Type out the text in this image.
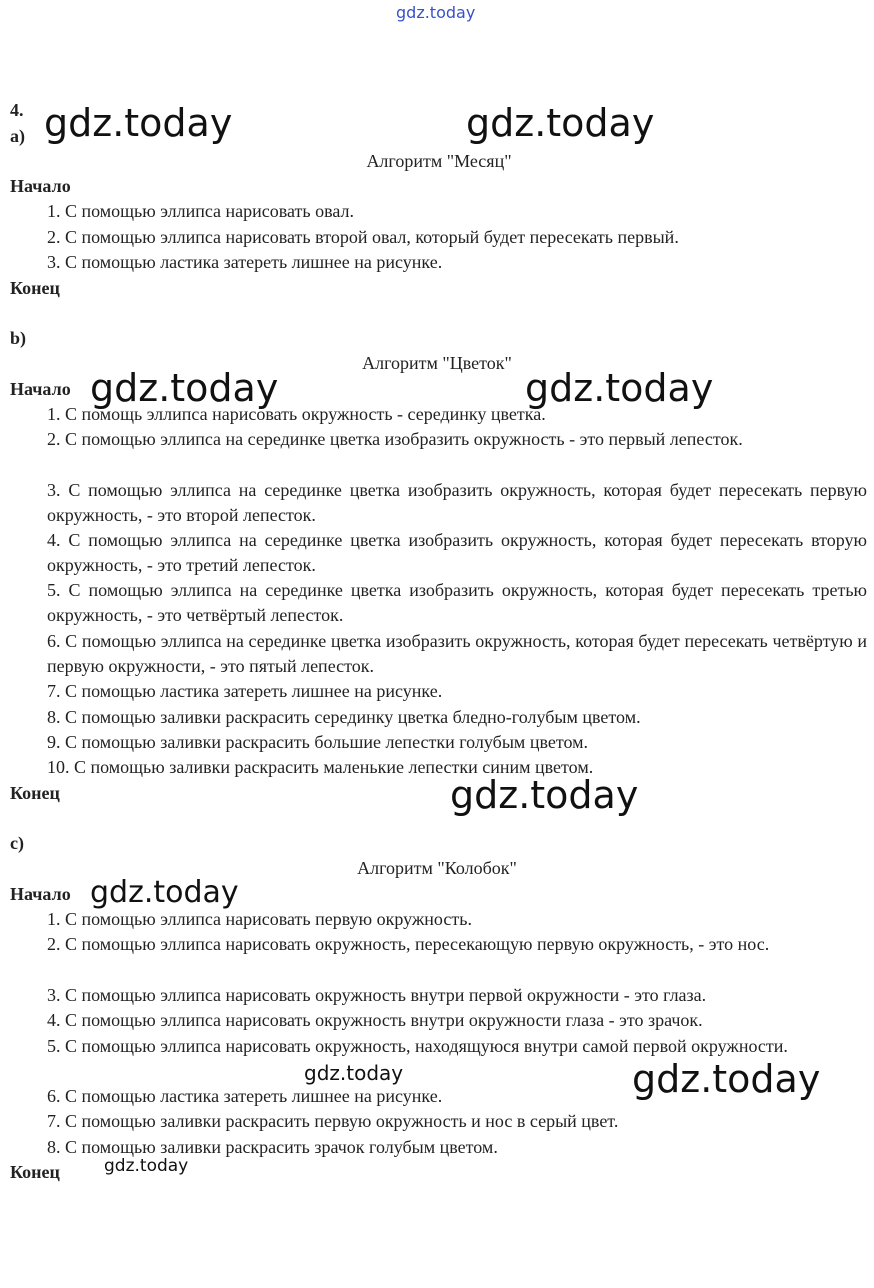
gdz.today
4.
a)
Алгоритм "Месяц"
Начало
1. С помощью эллипса нарисовать овал.
2. С помощью эллипса нарисовать второй овал, который будет пересекать первый.
3. С помощью ластика затереть лишнее на рисунке.
Конец
b)
Алгоритм "Цветок"
Начало
1. С помощь эллипса нарисовать окружность - серединку цветка.
2. С помощью эллипса на серединке цветка изобразить окружность - это первый лепесток.
3. С помощью эллипса на серединке цветка изобразить окружность, которая будет пересекать первую окружность, - это второй лепесток.
4. С помощью эллипса на серединке цветка изобразить окружность, которая будет пересекать вторую окружность, - это третий лепесток.
5. С помощью эллипса на серединке цветка изобразить окружность, которая будет пересекать третью окружность, - это четвёртый лепесток.
6. С помощью эллипса на серединке цветка изобразить окружность, которая будет пересекать четвёртую и первую окружности, - это пятый лепесток.
7. С помощью ластика затереть лишнее на рисунке.
8. С помощью заливки раскрасить серединку цветка бледно-голубым цветом.
9. С помощью заливки раскрасить большие лепестки голубым цветом.
10. С помощью заливки раскрасить маленькие лепестки синим цветом.
Конец
c)
Алгоритм "Колобок"
Начало
1. С помощью эллипса нарисовать первую окружность.
2. С помощью эллипса нарисовать окружность, пересекающую первую окружность, - это нос.
3. С помощью эллипса нарисовать окружность внутри первой окружности - это глаза.
4. С помощью эллипса нарисовать окружность внутри окружности глаза - это зрачок.
5. С помощью эллипса нарисовать окружность, находящуюся внутри самой первой окружности.
6. С помощью ластика затереть лишнее на рисунке.
7. С помощью заливки раскрасить первую окружность и нос в серый цвет.
8. С помощью заливки раскрасить зрачок голубым цветом.
Конец
gdz.today	gdz.today
gdz.today	gdz.today
gdz.today
gdz.today
gdz.today
gdz.today
gdz.today
